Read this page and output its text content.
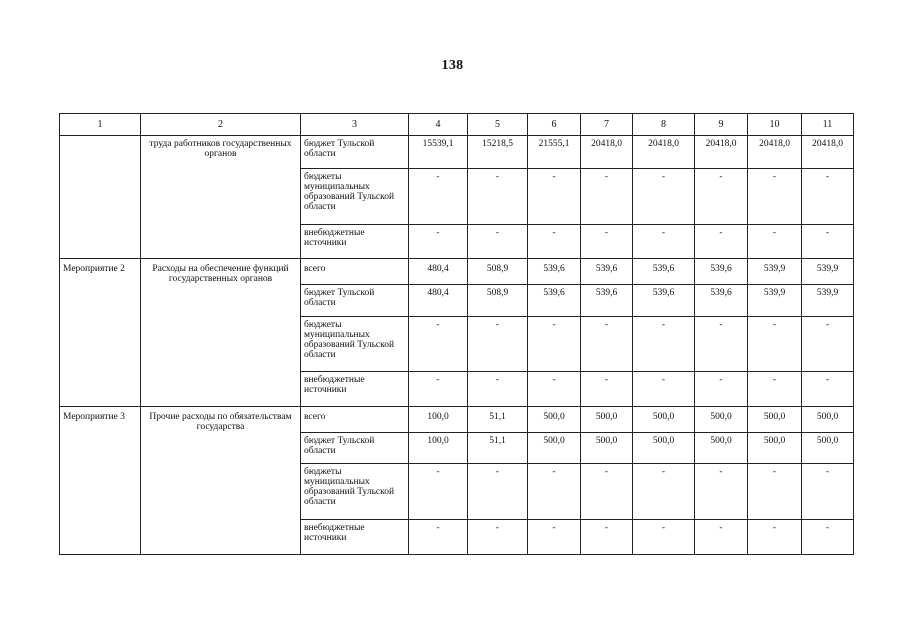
138
1	2	3	4	5	6	7	8	9	10	11
	труда работников государственных органов	бюджет Тульской области	15539,1	15218,5	21555,1	20418,0	20418,0	20418,0	20418,0	20418,0
		бюджеты муниципальных образований Тульской области	-	-	-	-	-	-	-	-
		внебюджетные источники	-	-	-	-	-	-	-	-
Мероприятие 2	Расходы на обеспечение функций государственных органов	всего	480,4	508,9	539,6	539,6	539,6	539,6	539,9	539,9
		бюджет Тульской области	480,4	508,9	539,6	539,6	539,6	539,6	539,9	539,9
		бюджеты муниципальных образований Тульской области	-	-	-	-	-	-	-	-
		внебюджетные источники	-	-	-	-	-	-	-	-
Мероприятие 3	Прочие расходы по обязательствам государства	всего	100,0	51,1	500,0	500,0	500,0	500,0	500,0	500,0
		бюджет Тульской области	100,0	51,1	500,0	500,0	500,0	500,0	500,0	500,0
		бюджеты муниципальных образований Тульской области	-	-	-	-	-	-	-	-
		внебюджетные источники	-	-	-	-	-	-	-	-
